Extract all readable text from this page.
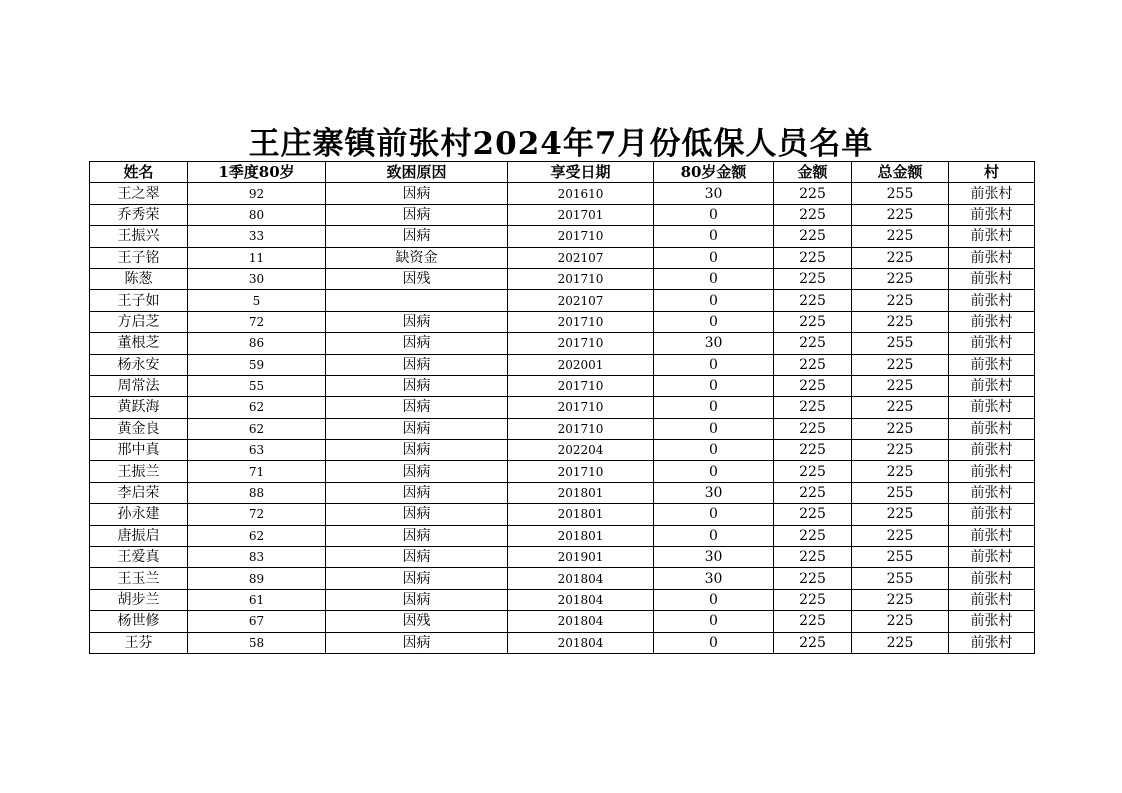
王庄寨镇前张村2024年7月份低保人员名单
姓名	1季度80岁	致困原因	享受日期	80岁金额	金额	总金额	村
王之翠	92	因病	201610	30	225	255	前张村
乔秀荣	80	因病	201701	0	225	225	前张村
王振兴	33	因病	201710	0	225	225	前张村
王子铭	11	缺资金	202107	0	225	225	前张村
陈葱	30	因残	201710	0	225	225	前张村
王子如	5		202107	0	225	225	前张村
方启芝	72	因病	201710	0	225	225	前张村
董根芝	86	因病	201710	30	225	255	前张村
杨永安	59	因病	202001	0	225	225	前张村
周常法	55	因病	201710	0	225	225	前张村
黄跃海	62	因病	201710	0	225	225	前张村
黄金良	62	因病	201710	0	225	225	前张村
邢中真	63	因病	202204	0	225	225	前张村
王振兰	71	因病	201710	0	225	225	前张村
李启荣	88	因病	201801	30	225	255	前张村
孙永建	72	因病	201801	0	225	225	前张村
唐振启	62	因病	201801	0	225	225	前张村
王爱真	83	因病	201901	30	225	255	前张村
王玉兰	89	因病	201804	30	225	255	前张村
胡步兰	61	因病	201804	0	225	225	前张村
杨世修	67	因残	201804	0	225	225	前张村
王芬	58	因病	201804	0	225	225	前张村
